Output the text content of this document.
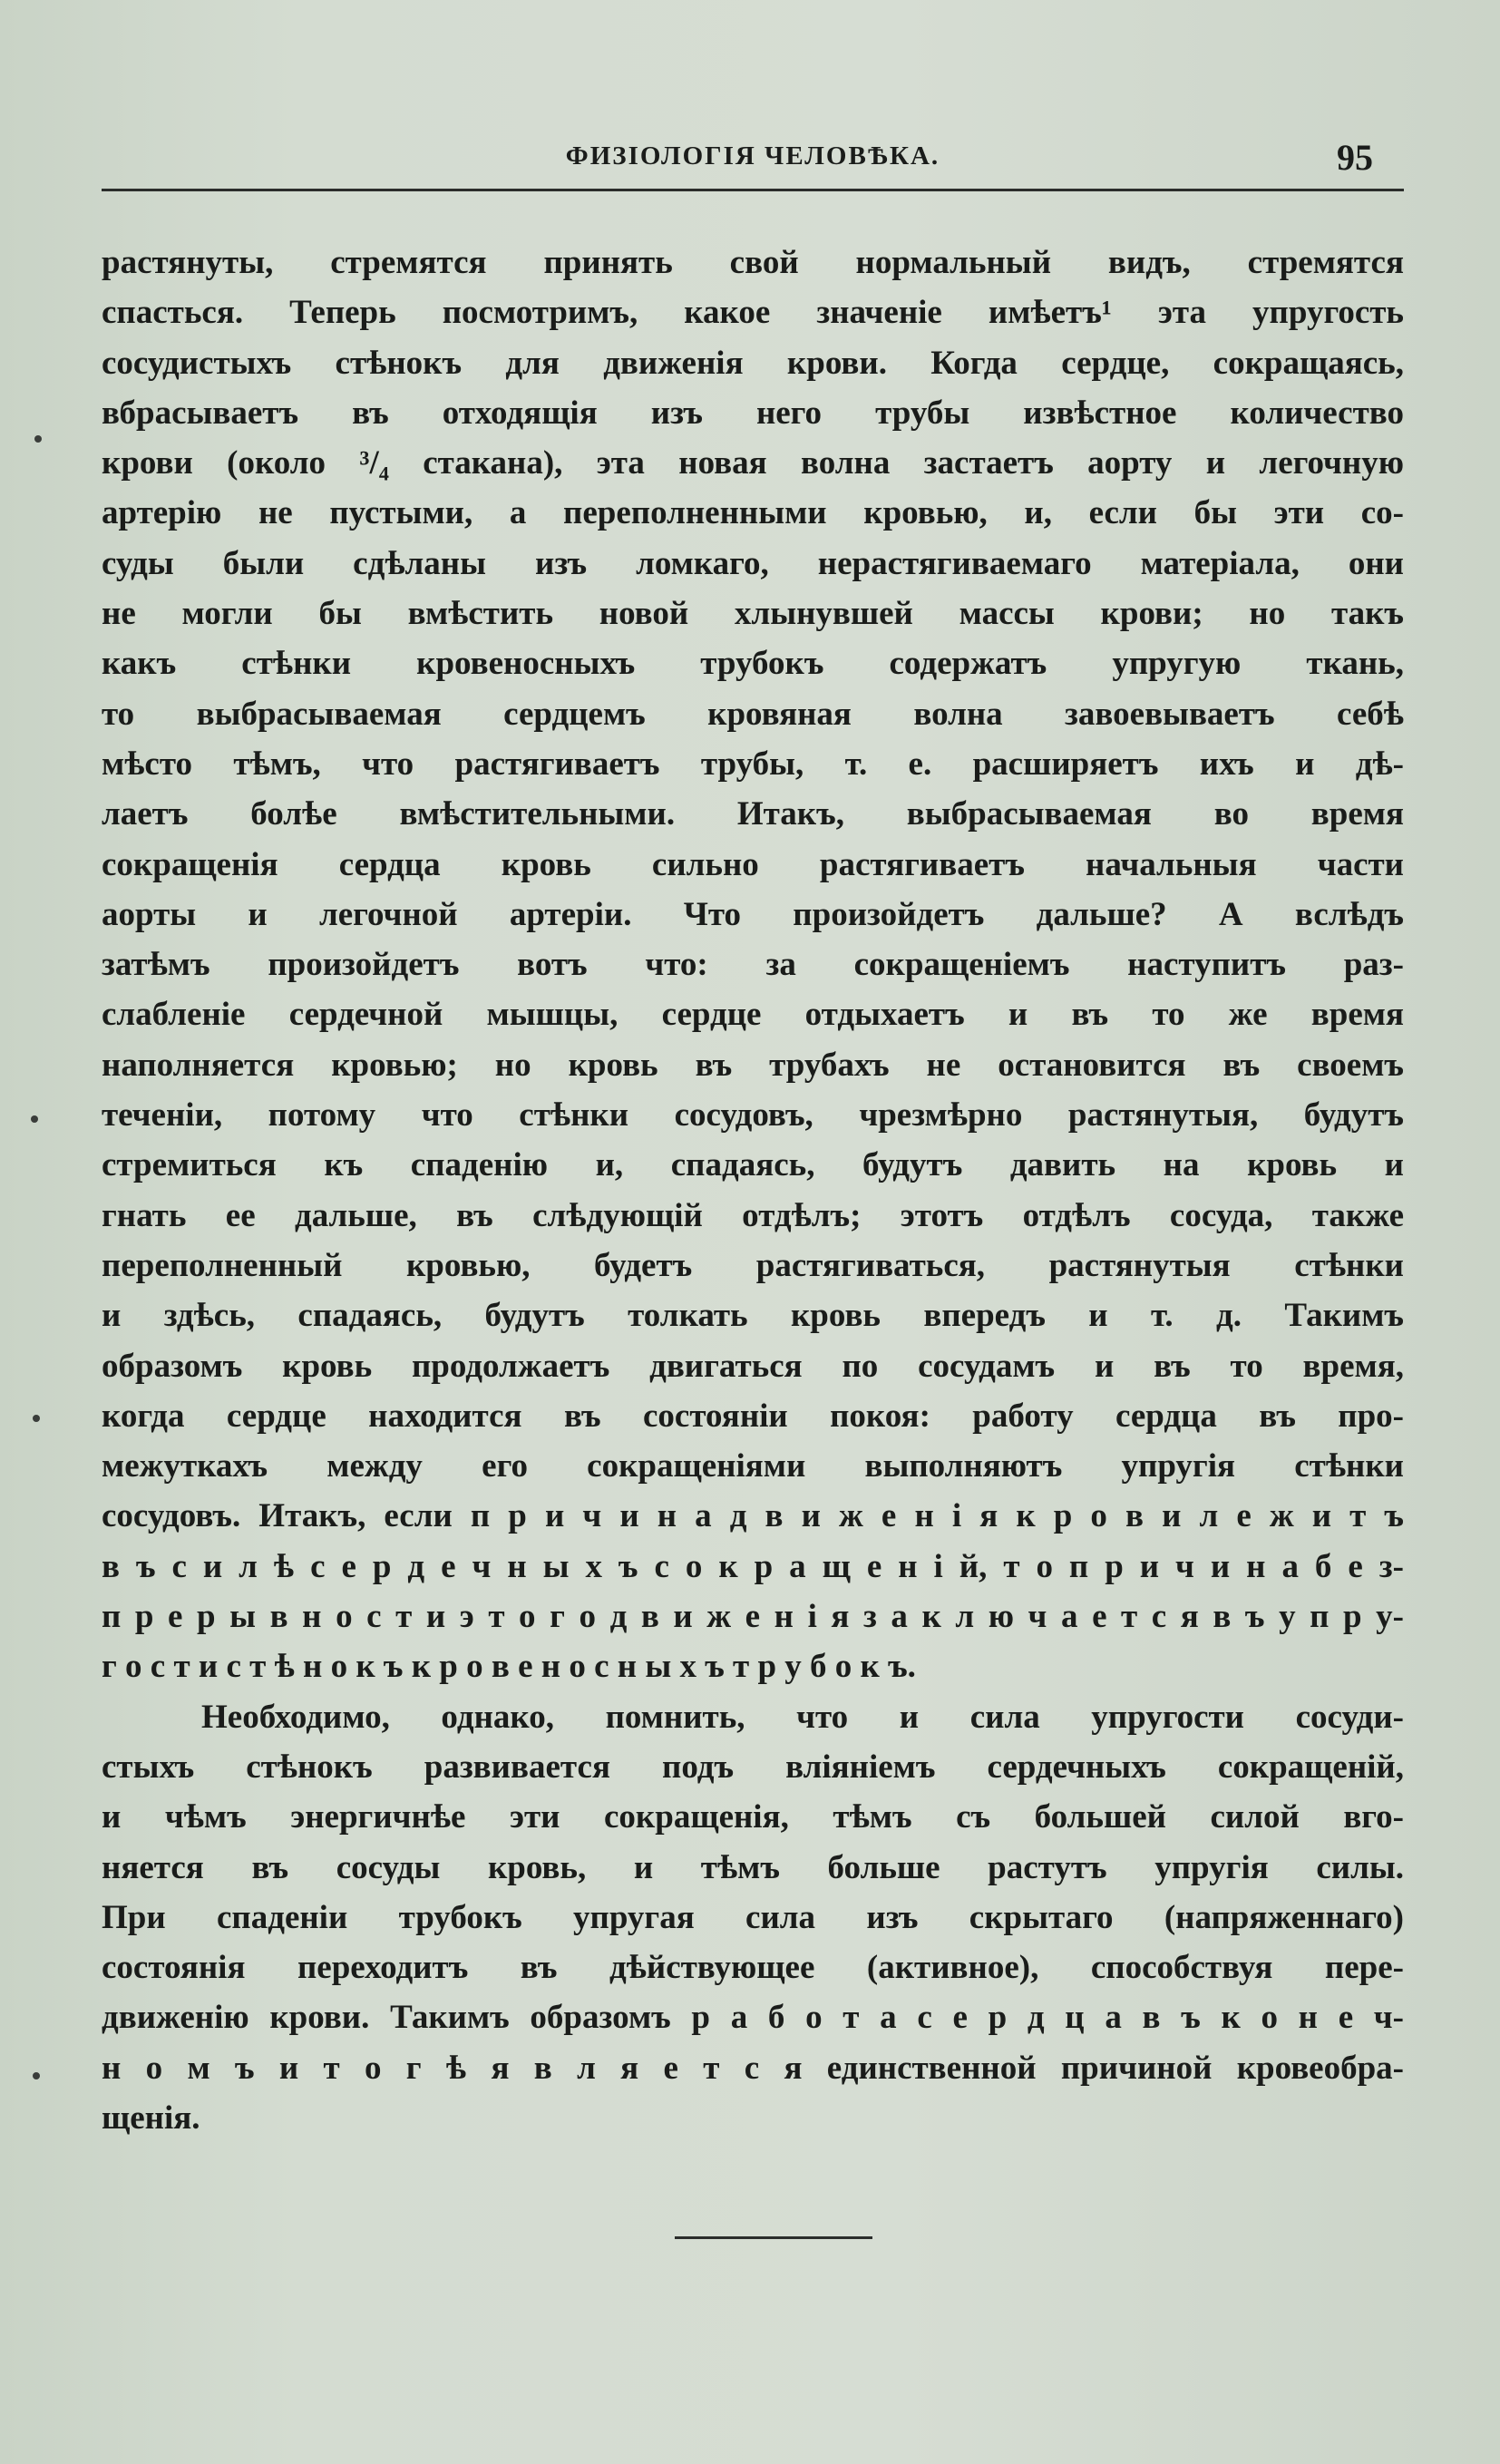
ФИЗІОЛОГІЯ ЧЕЛОВѢКА.	95
растянуты, стремятся принять свой нормальный видъ, стремятся
спастьcя. Теперь посмотримъ, какое значеніе имѣетъ¹ эта упругость
сосудистыхъ стѣнокъ для движенія крови. Когда сердце, сокращаясь,
вбрасываетъ въ отходящія изъ него трубы извѣстное количество
крови (около ³/₄ стакана), эта новая волна застаетъ аорту и легочную
артерію не пустыми, а переполненными кровью, и, если бы эти со-
суды были сдѣланы изъ ломкаго, нерастягиваемаго матеріала, они
не могли бы вмѣстить новой хлынувшей массы крови; но такъ
какъ стѣнки кровеносныхъ трубокъ содержатъ упругую ткань,
то выбрасываемая сердцемъ кровяная волна завоевываетъ себѣ
мѣсто тѣмъ, что растягиваетъ трубы, т. е. расширяетъ ихъ и дѣ-
лаетъ болѣе вмѣстительными. Итакъ, выбрасываемая во время
сокращенія сердца кровь сильно растягиваетъ начальныя части
аорты и легочной артеріи. Что произойдетъ дальше? А вслѣдъ
затѣмъ произойдетъ вотъ что: за сокращеніемъ наступитъ раз-
слабленіе сердечной мышцы, сердце отдыхаетъ и въ то же время
наполняется кровью; но кровь въ трубахъ не остановится въ своемъ
теченіи, потому что стѣнки сосудовъ, чрезмѣрно растянутыя, будутъ
стремиться къ спаденію и, спадаясь, будутъ давить на кровь и
гнать ее дальше, въ слѣдующій отдѣлъ; этотъ отдѣлъ сосуда, также
переполненный кровью, будетъ растягиваться, растянутыя стѣнки
и здѣсь, спадаясь, будутъ толкать кровь впередъ и т. д. Такимъ
образомъ кровь продолжаетъ двигаться по сосудамъ и въ то время,
когда сердце находится въ состояніи покоя: работу сердца въ про-
межуткахъ между его сокращеніями выполняютъ упругія стѣнки
сосудовъ. Итакъ, если п р и ч и н а д в и ж е н і я к р о в и л е ж и т ъ
в ъ с и л ѣ с е р д е ч н ы х ъ с о к р а щ е н і й, т о п р и ч и н а б е з-
п р е р ы в н о с т и э т о г о д в и ж е н і я з а к л ю ч а е т с я в ъ у п р у-
г о с т и с т ѣ н о к ъ к р о в е н о с н ы х ъ т р у б о к ъ.
Необходимо, однако, помнить, что и сила упругости сосуди-
стыхъ стѣнокъ развивается подъ вліяніемъ сердечныхъ сокращеній,
и чѣмъ энергичнѣе эти сокращенія, тѣмъ съ большей силой вго-
няется въ сосуды кровь, и тѣмъ больше растутъ упругія силы.
При спаденіи трубокъ упругая сила изъ скрытаго (напряженнаго)
состоянія переходитъ въ дѣйствующее (активное), способствуя пере-
движенію крови. Такимъ образомъ р а б о т а с е р д ц а в ъ к о н е ч-
н о м ъ и т о г ѣ я в л я е т с я единственной причиной кровеобра-
щенія.
